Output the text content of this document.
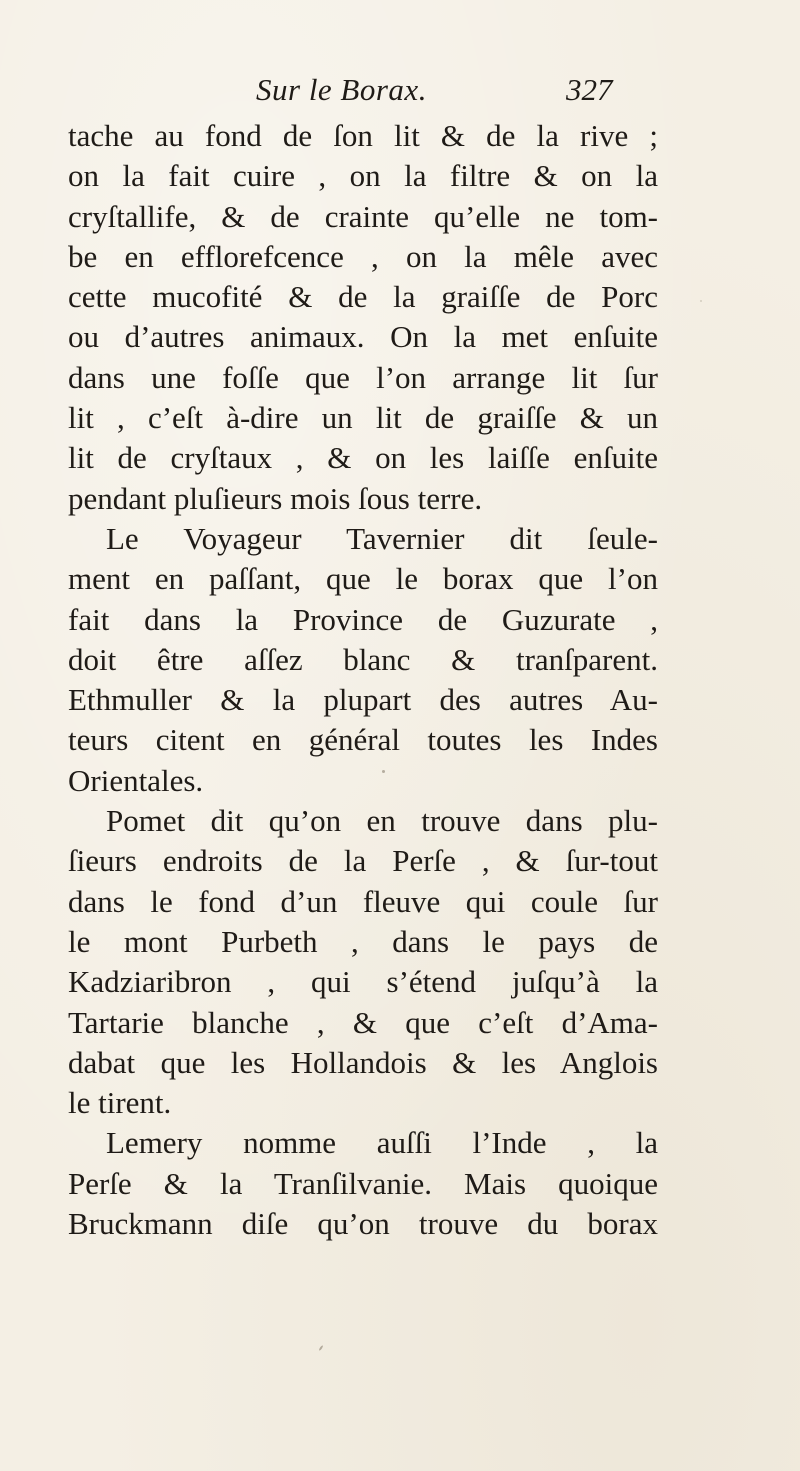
Sur le Borax.	327
tache au fond de ſon lit & de la rive ;
on la fait cuire , on la filtre & on la
cryſtallife, & de crainte qu’elle ne tom-
be en efflorefcence , on la mêle avec
cette mucofité & de la graiſſe de Porc
ou d’autres animaux. On la met enſuite
dans une foſſe que l’on arrange lit ſur
lit , c’eſt à-dire un lit de graiſſe & un
lit de cryſtaux , & on les laiſſe enſuite
pendant pluſieurs mois ſous terre.
Le Voyageur Tavernier dit ſeule-
ment en paſſant, que le borax que l’on
fait dans la Province de Guzurate ,
doit être aſſez blanc & tranſparent.
Ethmuller & la plupart des autres Au-
teurs citent en général toutes les Indes
Orientales.
Pomet dit qu’on en trouve dans plu-
ſieurs endroits de la Perſe , & ſur-tout
dans le fond d’un fleuve qui coule ſur
le mont Purbeth , dans le pays de
Kadziaribron , qui s’étend juſqu’à la
Tartarie blanche , & que c’eſt d’Ama-
dabat que les Hollandois & les Anglois
le tirent.
Lemery nomme auſſi l’Inde , la
Perſe & la Tranſilvanie. Mais quoique
Bruckmann diſe qu’on trouve du borax
